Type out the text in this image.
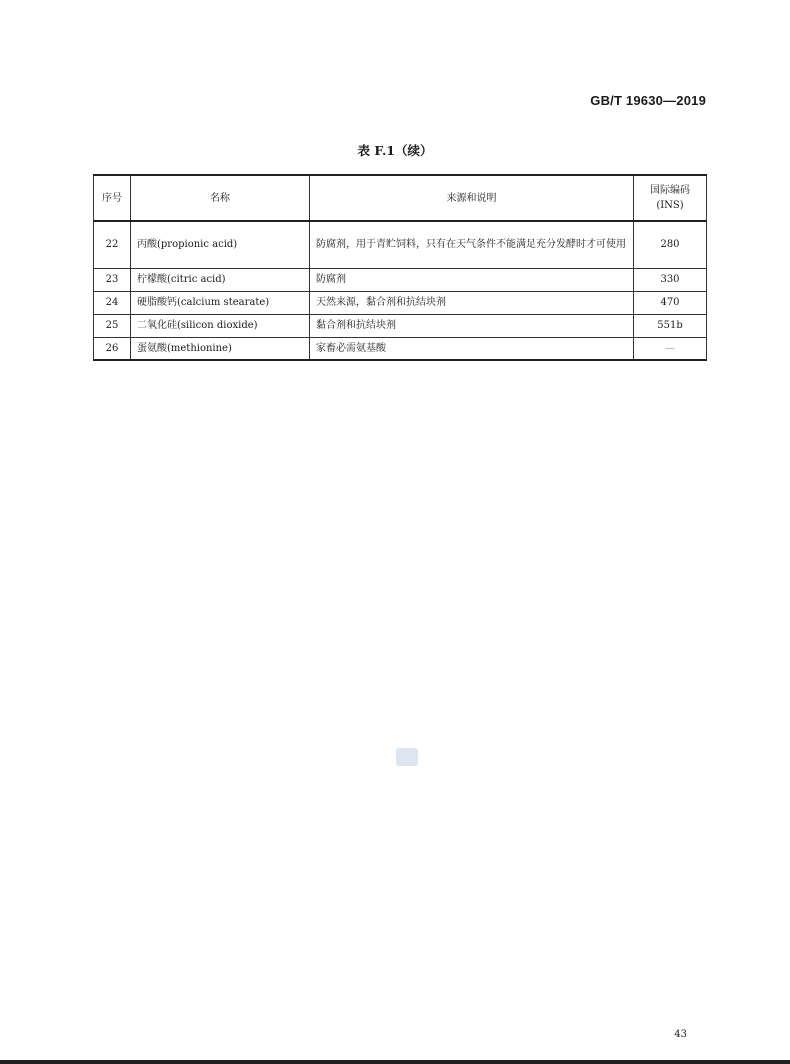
GB/T 19630—2019
表 F.1（续）
序号	名称	来源和说明	国际编码
(INS)

22	丙酸(propionic acid)	防腐剂，用于青贮饲料，只有在天气条件不能满足充分发酵时才可使用	280
23	柠檬酸(citric acid)	防腐剂	330
24	硬脂酸钙(calcium stearate)	天然来源，黏合剂和抗结块剂	470
25	二氧化硅(silicon dioxide)	黏合剂和抗结块剂	551b
26	蛋氨酸(methionine)	家畜必需氨基酸	—
43
